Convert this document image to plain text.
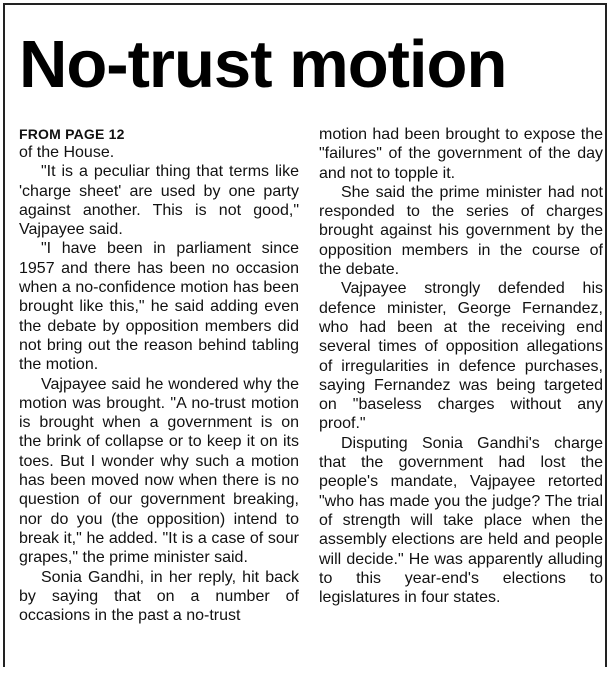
No-trust motion
FROM PAGE 12

of the House.

"It is a peculiar thing that terms like 'charge sheet' are used by one party against another. This is not good," Vajpayee said.

"I have been in parliament since 1957 and there has been no occasion when a no-confidence motion has been brought like this," he said adding even the debate by opposition members did not bring out the reason behind tabling the motion.

Vajpayee said he wondered why the motion was brought. "A no-trust motion is brought when a government is on the brink of collapse or to keep it on its toes. But I wonder why such a motion has been moved now when there is no question of our government breaking, nor do you (the opposition) intend to break it," he added. "It is a case of sour grapes," the prime minister said.

Sonia Gandhi, in her reply, hit back by saying that on a number of occasions in the past a no-trust

motion had been brought to expose the "failures" of the government of the day and not to topple it.

She said the prime minister had not responded to the series of charges brought against his government by the opposition members in the course of the debate.

Vajpayee strongly defended his defence minister, George Fernandez, who had been at the receiving end several times of opposition allegations of irregularities in defence purchases, saying Fernandez was being targeted on "baseless charges without any proof."

Disputing Sonia Gandhi's charge that the government had lost the people's mandate, Vajpayee retorted "who has made you the judge? The trial of strength will take place when the assembly elections are held and people will decide." He was apparently alluding to this year-end's elections to legislatures in four states.
